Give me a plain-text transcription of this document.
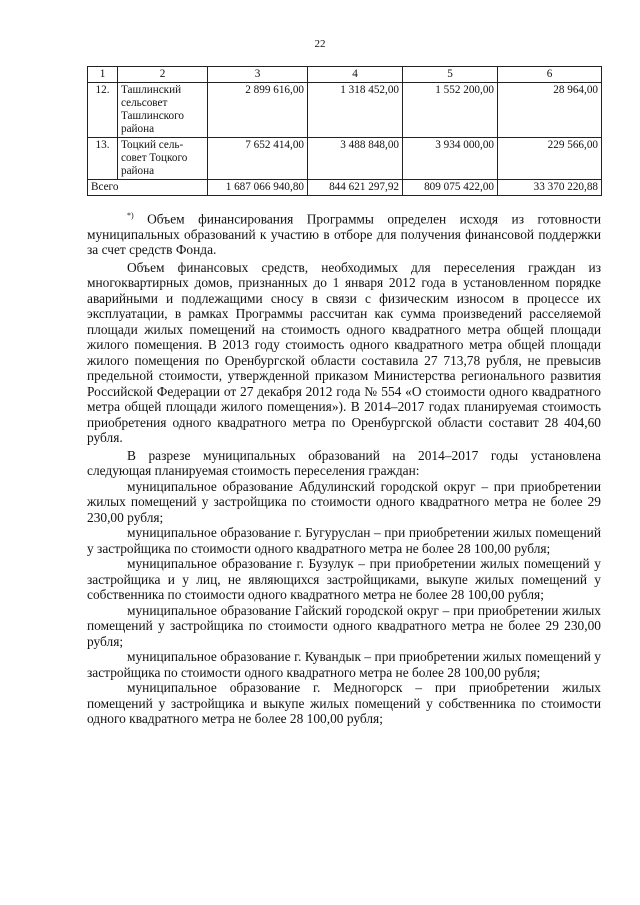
22
1	2	3	4	5	6
12.	Ташлинский сельсовет Ташлинского района	2 899 616,00	1 318 452,00	1 552 200,00	28 964,00
13.	Тоцкий сель-совет Тоцкого района	7 652 414,00	3 488 848,00	3 934 000,00	229 566,00
Всего		1 687 066 940,80	844 621 297,92	809 075 422,00	33 370 220,88

*) Объем финансирования Программы определен исходя из готовности муниципальных образований к участию в отборе для получения финансовой поддержки за счет средств Фонда.

Объем финансовых средств, необходимых для переселения граждан из многоквартирных домов, признанных до 1 января 2012 года в установленном порядке аварийными и подлежащими сносу в связи с физическим износом в процессе их эксплуатации, в рамках Программы рассчитан как сумма произведений расселяемой площади жилых помещений на стоимость одного квадратного метра общей площади жилого помещения. В 2013 году стоимость одного квадратного метра общей площади жилого помещения по Оренбургской области составила 27 713,78 рубля, не превысив предельной стоимости, утвержденной приказом Министерства регионального развития Российской Федерации от 27 декабря 2012 года № 554 «О стоимости одного квадратного метра общей площади жилого помещения»). В 2014–2017 годах планируемая стоимость приобретения одного квадратного метра по Оренбургской области составит 28 404,60 рубля.

В разрезе муниципальных образований на 2014–2017 годы установлена следующая планируемая стоимость переселения граждан:

муниципальное образование Абдулинский городской округ – при приобретении жилых помещений у застройщика по стоимости одного квадратного метра не более 29 230,00 рубля;

муниципальное образование г. Бугуруслан – при приобретении жилых помещений у застройщика по стоимости одного квадратного метра не более 28 100,00 рубля;

муниципальное образование г. Бузулук – при приобретении жилых помещений у застройщика и у лиц, не являющихся застройщиками, выкупе жилых помещений у собственника по стоимости одного квадратного метра не более 28 100,00 рубля;

муниципальное образование Гайский городской округ – при приобретении жилых помещений у застройщика по стоимости одного квадратного метра не более 29 230,00 рубля;

муниципальное образование г. Кувандык – при приобретении жилых помещений у застройщика по стоимости одного квадратного метра не более 28 100,00 рубля;

муниципальное образование г. Медногорск – при приобретении жилых помещений у застройщика и выкупе жилых помещений у собственника по стоимости одного квадратного метра не более 28 100,00 рубля;
